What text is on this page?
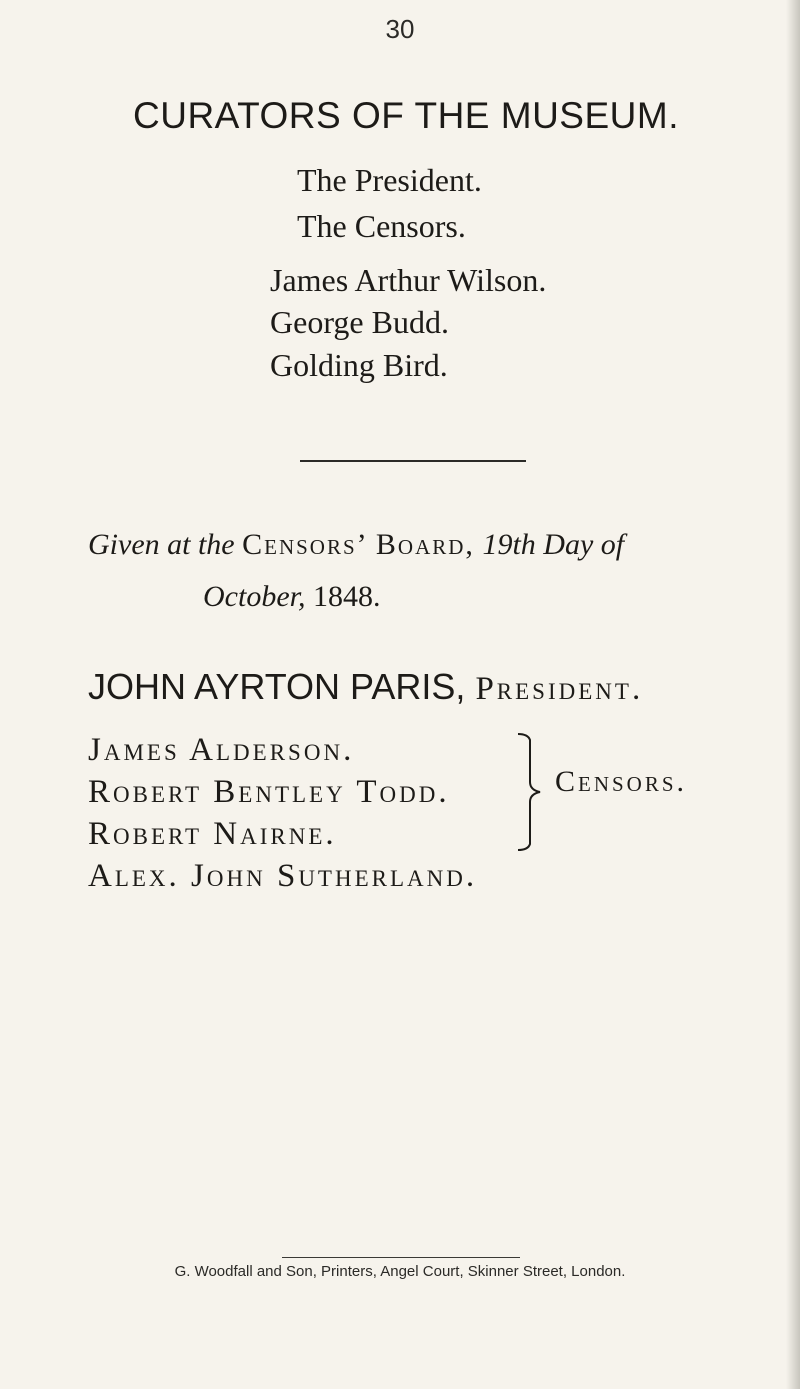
30
CURATORS OF THE MUSEUM.
The President.
The Censors.
James Arthur Wilson.
George Budd.
Golding Bird.
Given at the Censors’ Board, 19th Day of
October, 1848.
JOHN AYRTON PARIS, President.
James Alderson.
Robert Bentley Todd.
Robert Nairne.
Alex. John Sutherland.
Censors.
G. Woodfall and Son, Printers, Angel Court, Skinner Street, London.
